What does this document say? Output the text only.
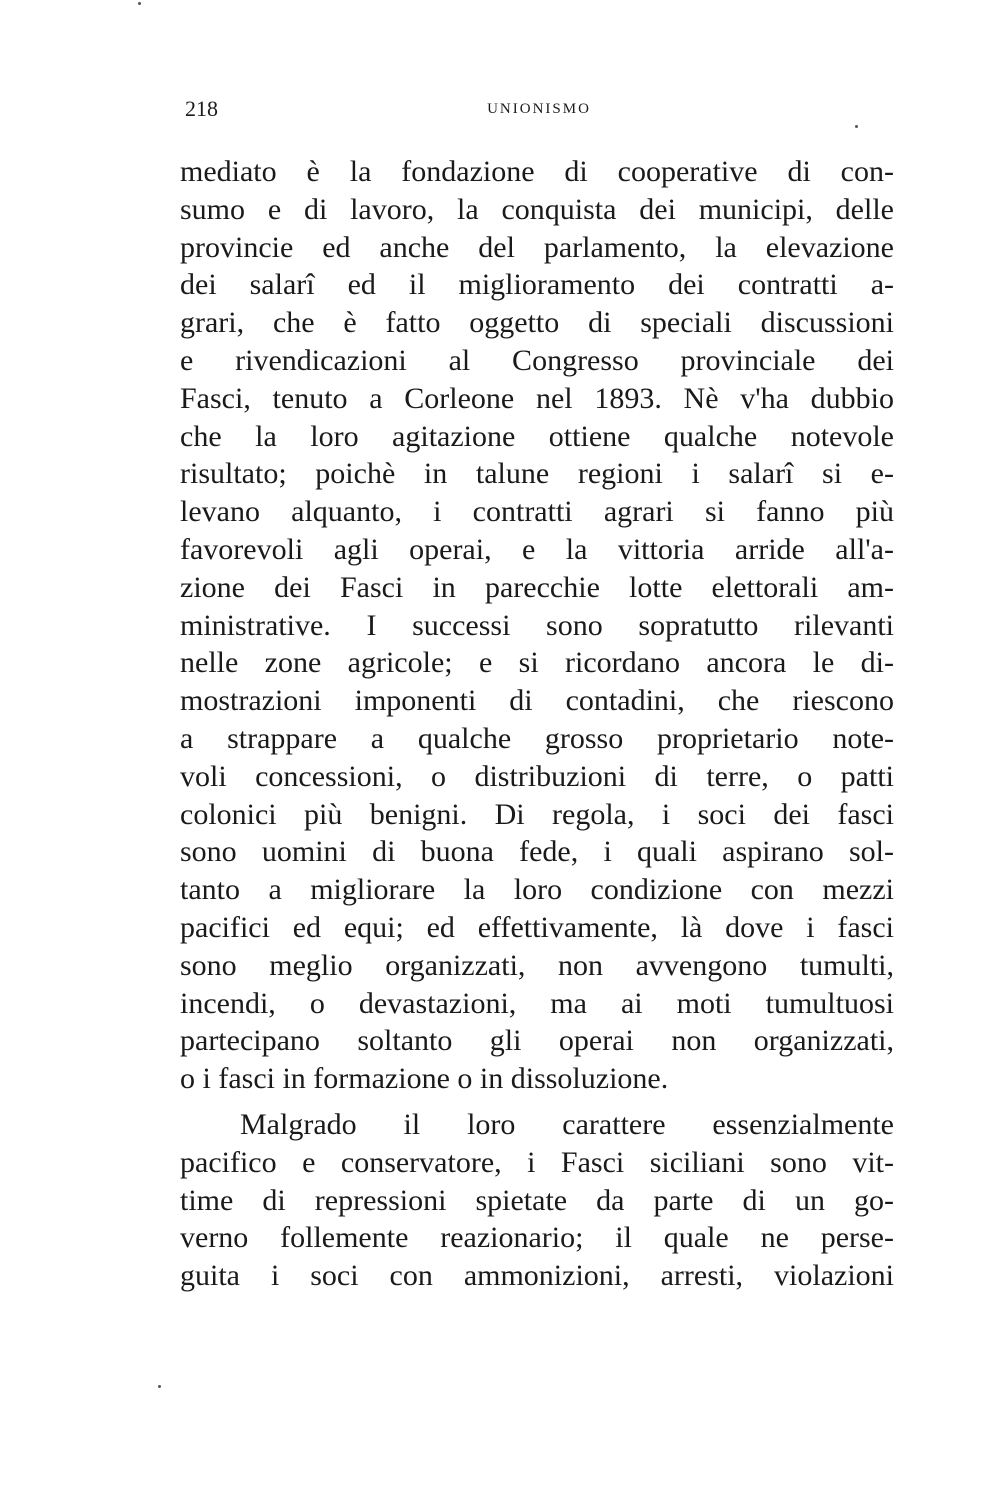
218	UNIONISMO
mediato è la fondazione di cooperative di con-
sumo e di lavoro, la conquista dei municipi, delle
provincie ed anche del parlamento, la elevazione
dei salarî ed il miglioramento dei contratti a-
grari, che è fatto oggetto di speciali discussioni
e rivendicazioni al Congresso provinciale dei
Fasci, tenuto a Corleone nel 1893. Nè v'ha dubbio
che la loro agitazione ottiene qualche notevole
risultato; poichè in talune regioni i salarî si e-
levano alquanto, i contratti agrari si fanno più
favorevoli agli operai, e la vittoria arride all'a-
zione dei Fasci in parecchie lotte elettorali am-
ministrative. I successi sono sopratutto rilevanti
nelle zone agricole; e si ricordano ancora le di-
mostrazioni imponenti di contadini, che riescono
a strappare a qualche grosso proprietario note-
voli concessioni, o distribuzioni di terre, o patti
colonici più benigni. Di regola, i soci dei fasci
sono uomini di buona fede, i quali aspirano sol-
tanto a migliorare la loro condizione con mezzi
pacifici ed equi; ed effettivamente, là dove i fasci
sono meglio organizzati, non avvengono tumulti,
incendi, o devastazioni, ma ai moti tumultuosi
partecipano soltanto gli operai non organizzati,
o i fasci in formazione o in dissoluzione.
Malgrado il loro carattere essenzialmente
pacifico e conservatore, i Fasci siciliani sono vit-
time di repressioni spietate da parte di un go-
verno follemente reazionario; il quale ne perse-
guita i soci con ammonizioni, arresti, violazioni
